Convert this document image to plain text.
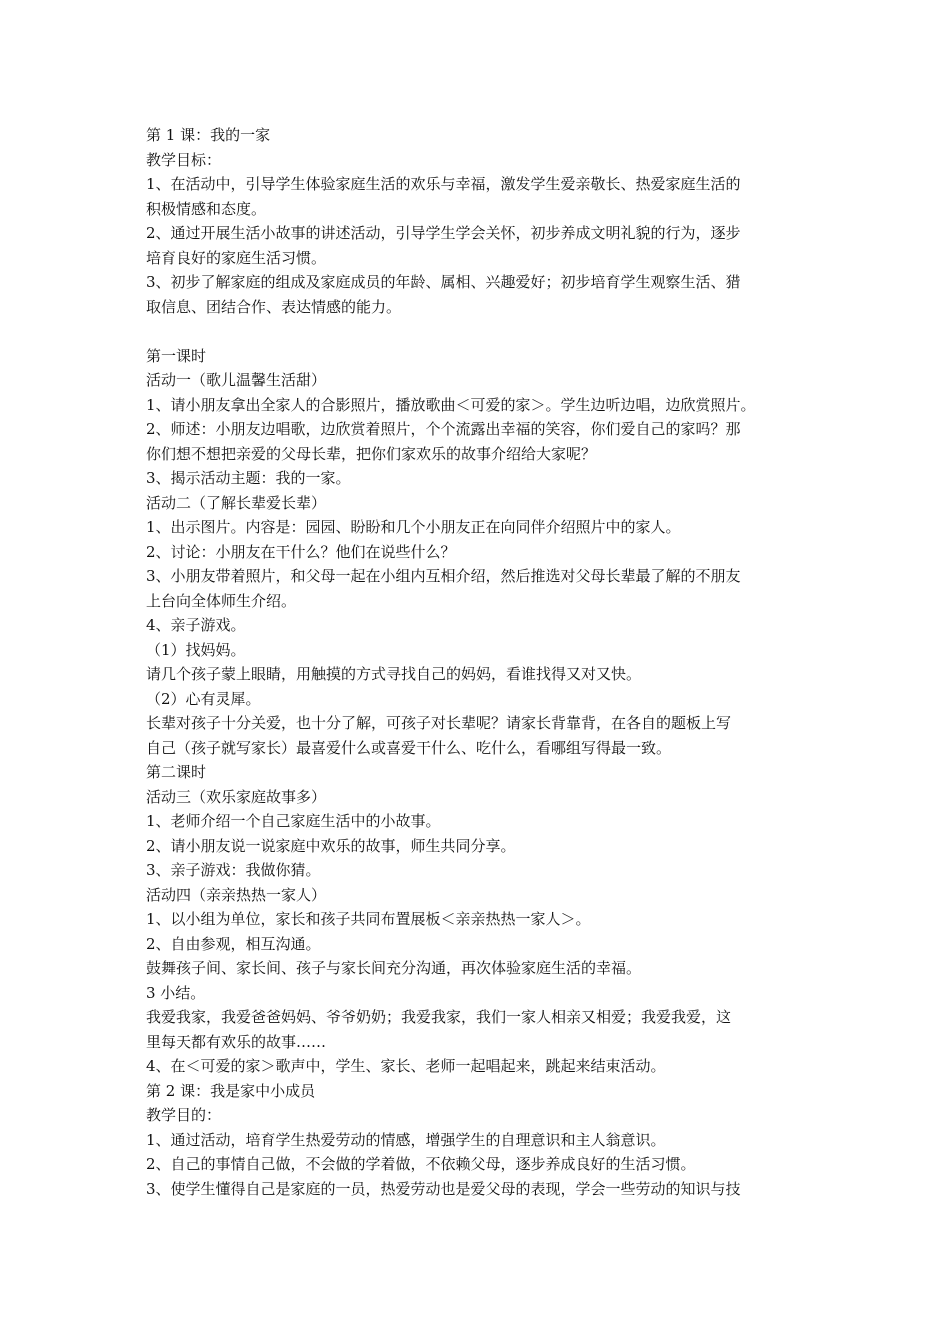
第 1 课：我的一家
教学目标：
1、在活动中，引导学生体验家庭生活的欢乐与幸福，激发学生爱亲敬长、热爱家庭生活的
积极情感和态度。
2、通过开展生活小故事的讲述活动，引导学生学会关怀，初步养成文明礼貌的行为，逐步
培育良好的家庭生活习惯。
3、初步了解家庭的组成及家庭成员的年龄、属相、兴趣爱好；初步培育学生观察生活、猎
取信息、团结合作、表达情感的能力。
第一课时
活动一（歌儿温馨生活甜）
1、请小朋友拿出全家人的合影照片，播放歌曲＜可爱的家＞。学生边听边唱，边欣赏照片。
2、师述：小朋友边唱歌，边欣赏着照片，个个流露出幸福的笑容，你们爱自己的家吗？那
你们想不想把亲爱的父母长辈，把你们家欢乐的故事介绍给大家呢？
3、揭示活动主题：我的一家。
活动二（了解长辈爱长辈）
1、出示图片。内容是：园园、盼盼和几个小朋友正在向同伴介绍照片中的家人。
2、讨论：小朋友在干什么？他们在说些什么？
3、小朋友带着照片，和父母一起在小组内互相介绍，然后推选对父母长辈最了解的不朋友
上台向全体师生介绍。
4、亲子游戏。
（1）找妈妈。
请几个孩子蒙上眼睛，用触摸的方式寻找自己的妈妈，看谁找得又对又快。
（2）心有灵犀。
长辈对孩子十分关爱，也十分了解，可孩子对长辈呢？请家长背靠背，在各自的题板上写
自己（孩子就写家长）最喜爱什么或喜爱干什么、吃什么，看哪组写得最一致。
第二课时
活动三（欢乐家庭故事多）
1、老师介绍一个自己家庭生活中的小故事。
2、请小朋友说一说家庭中欢乐的故事，师生共同分享。
3、亲子游戏：我做你猜。
活动四（亲亲热热一家人）
1、以小组为单位，家长和孩子共同布置展板＜亲亲热热一家人＞。
2、自由参观，相互沟通。
鼓舞孩子间、家长间、孩子与家长间充分沟通，再次体验家庭生活的幸福。
3 小结。
我爱我家，我爱爸爸妈妈、爷爷奶奶；我爱我家，我们一家人相亲又相爱；我爱我爱，这
里每天都有欢乐的故事……
4、在＜可爱的家＞歌声中，学生、家长、老师一起唱起来，跳起来结束活动。
第 2 课：我是家中小成员
教学目的：
1、通过活动，培育学生热爱劳动的情感，增强学生的自理意识和主人翁意识。
2、自己的事情自己做，不会做的学着做，不依赖父母，逐步养成良好的生活习惯。
3、使学生懂得自己是家庭的一员，热爱劳动也是爱父母的表现，学会一些劳动的知识与技
